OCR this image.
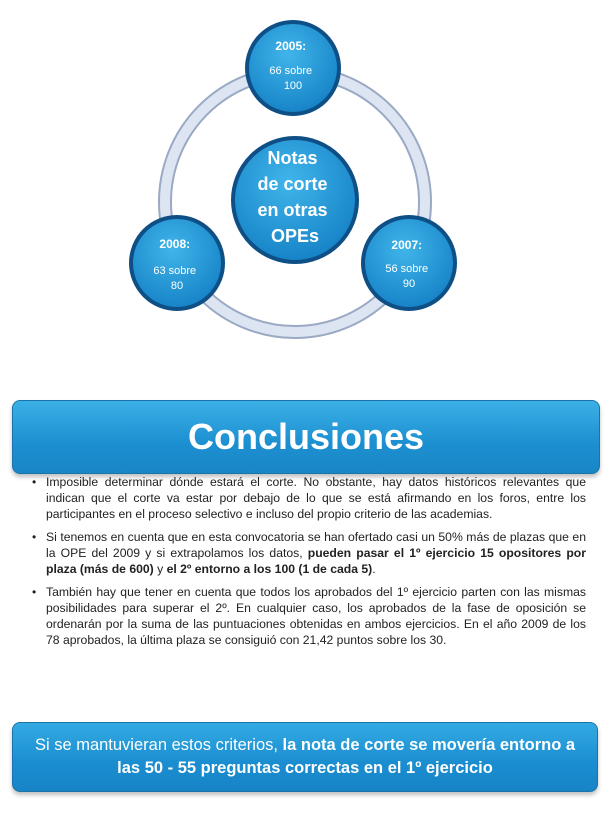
Notas de corte en otras OPEs
2005: 66 sobre 100
2007: 56 sobre 90
2008: 63 sobre 80
Conclusiones
• Imposible determinar dónde estará el corte. No obstante, hay datos históricos relevantes que indican que el corte va estar por debajo de lo que se está afirmando en los foros, entre los participantes en el proceso selectivo e incluso del propio criterio de las academias.
• Si tenemos en cuenta que en esta convocatoria se han ofertado casi un 50% más de plazas que en la OPE del 2009 y si extrapolamos los datos, pueden pasar el 1º ejercicio 15 opositores por plaza (más de 600) y el 2º entorno a los 100 (1 de cada 5).
• También hay que tener en cuenta que todos los aprobados del 1º ejercicio parten con las mismas posibilidades para superar el 2º. En cualquier caso, los aprobados de la fase de oposición se ordenarán por la suma de las puntuaciones obtenidas en ambos ejercicios. En el año 2009 de los 78 aprobados, la última plaza se consiguió con 21,42 puntos sobre los 30.
Si se mantuvieran estos criterios, la nota de corte se movería entorno a las 50 - 55 preguntas correctas en el 1º ejercicio
